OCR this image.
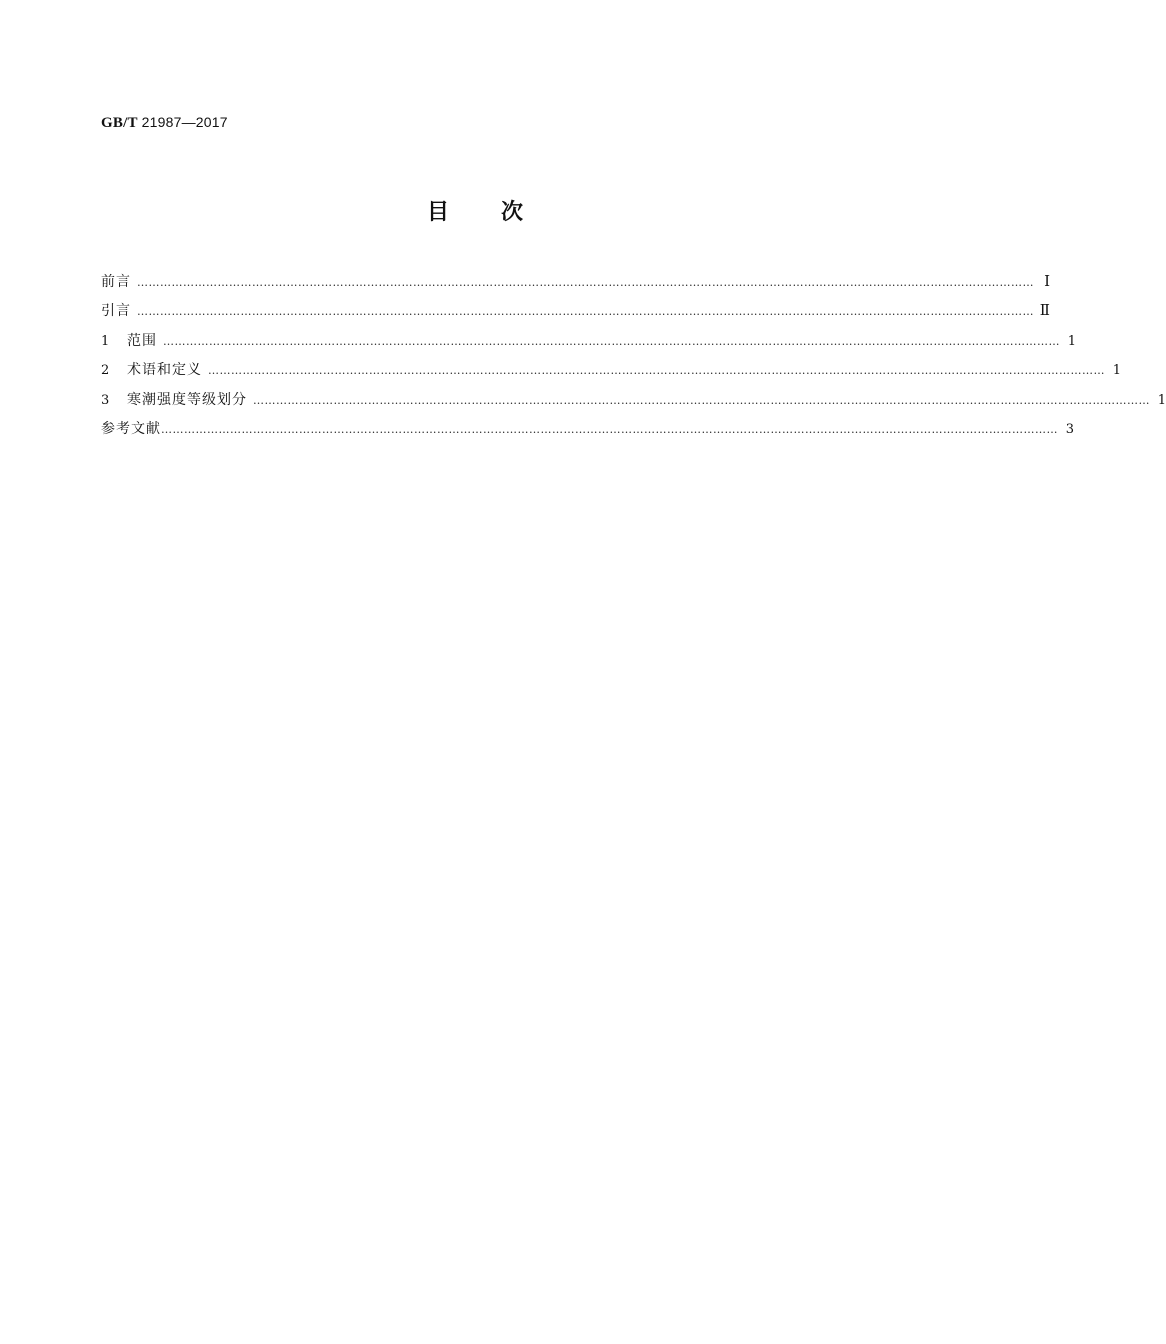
GB/T 21987—2017
目次
前言 ……………………………………………………………………………………………………………………………………………………………………………………………………………… Ⅰ
引言 ……………………………………………………………………………………………………………………………………………………………………………………………………………… Ⅱ
1	范围 ……………………………………………………………………………………………………………………………………………………………………………………………………………… 1
2	术语和定义 ……………………………………………………………………………………………………………………………………………………………………………………………………………… 1
3	寒潮强度等级划分 ……………………………………………………………………………………………………………………………………………………………………………………………………………… 1
参考文献 ……………………………………………………………………………………………………………………………………………………………………………………………………………… 3
